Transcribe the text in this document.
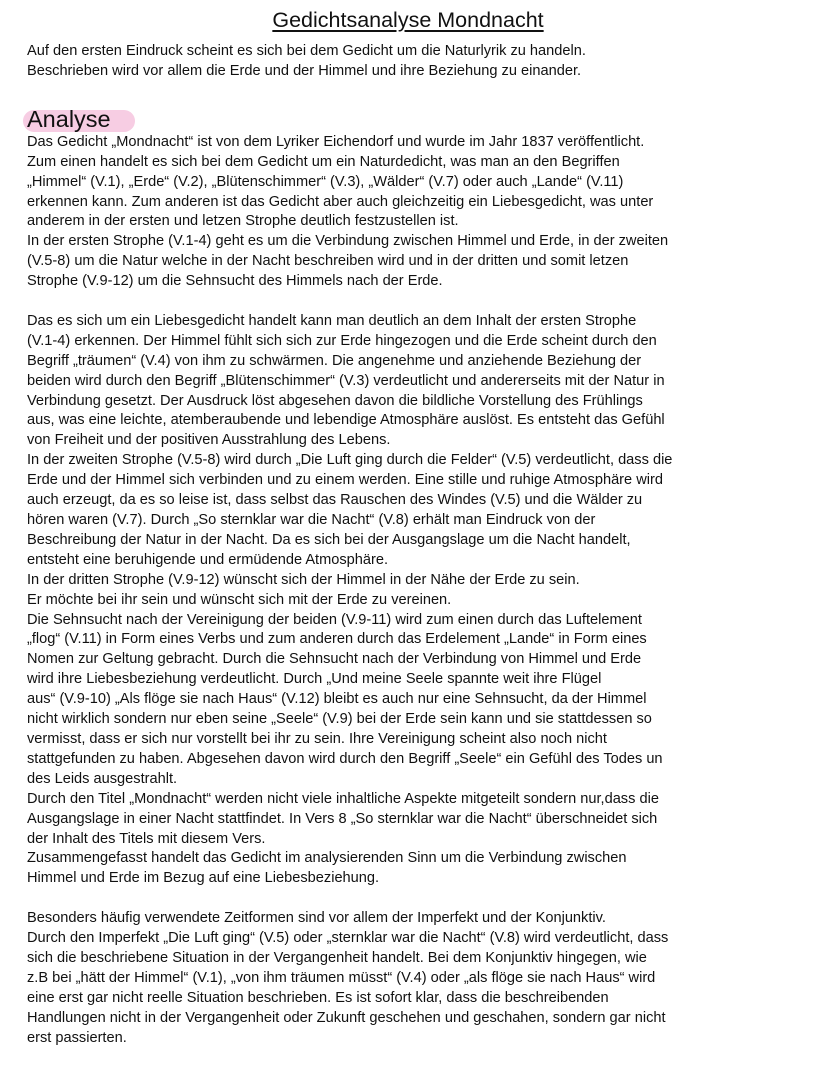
Gedichtsanalyse Mondnacht

Auf den ersten Eindruck scheint es sich bei dem Gedicht um die Naturlyrik zu handeln.
Beschrieben wird vor allem die Erde und der Himmel und ihre Beziehung zu einander.

Analyse

Das Gedicht „Mondnacht“ ist von dem Lyriker Eichendorf und wurde im Jahr 1837 veröffentlicht.
Zum einen handelt es sich bei dem Gedicht um ein Naturdedicht, was man an den Begriffen
„Himmel“ (V.1), „Erde“ (V.2), „Blütenschimmer“ (V.3), „Wälder“ (V.7) oder auch „Lande“ (V.11)
erkennen kann. Zum anderen ist das Gedicht aber auch gleichzeitig ein Liebesgedicht, was unter
anderem in der ersten und letzen Strophe deutlich festzustellen ist.
In der ersten Strophe (V.1-4) geht es um die Verbindung zwischen Himmel und Erde, in der zweiten
(V.5-8) um die Natur welche in der Nacht beschreiben wird und in der dritten und somit letzen
Strophe (V.9-12) um die Sehnsucht des Himmels nach der Erde.

Das es sich um ein Liebesgedicht handelt kann man deutlich an dem Inhalt der ersten Strophe
(V.1-4) erkennen. Der Himmel fühlt sich sich zur Erde hingezogen und die Erde scheint durch den
Begriff „träumen“ (V.4) von ihm zu schwärmen. Die angenehme und anziehende Beziehung der
beiden wird durch den Begriff „Blütenschimmer“ (V.3) verdeutlicht und andererseits mit der Natur in
Verbindung gesetzt. Der Ausdruck löst abgesehen davon die bildliche Vorstellung des Frühlings
aus, was eine leichte, atemberaubende und lebendige Atmosphäre auslöst. Es entsteht das Gefühl
von Freiheit und der positiven Ausstrahlung des Lebens.
In der zweiten Strophe (V.5-8) wird durch „Die Luft ging durch die Felder“ (V.5) verdeutlicht, dass die
Erde und der Himmel sich verbinden und zu einem werden. Eine stille und ruhige Atmosphäre wird
auch erzeugt, da es so leise ist, dass selbst das Rauschen des Windes (V.5) und die Wälder zu
hören waren (V.7). Durch „So sternklar war die Nacht“ (V.8) erhält man Eindruck von der
Beschreibung der Natur in der Nacht. Da es sich bei der Ausgangslage um die Nacht handelt,
entsteht eine beruhigende und ermüdende Atmosphäre.
In der dritten Strophe (V.9-12) wünscht sich der Himmel in der Nähe der Erde zu sein.
Er möchte bei ihr sein und wünscht sich mit der Erde zu vereinen.
Die Sehnsucht nach der Vereinigung der beiden (V.9-11) wird zum einen durch das Luftelement
„flog“ (V.11) in Form eines Verbs und zum anderen durch das Erdelement „Lande“ in Form eines
Nomen zur Geltung gebracht. Durch die Sehnsucht nach der Verbindung von Himmel und Erde
wird ihre Liebesbeziehung verdeutlicht. Durch „Und meine Seele spannte weit ihre Flügel
aus“ (V.9-10) „Als flöge sie nach Haus“ (V.12) bleibt es auch nur eine Sehnsucht, da der Himmel
nicht wirklich sondern nur eben seine „Seele“ (V.9) bei der Erde sein kann und sie stattdessen so
vermisst, dass er sich nur vorstellt bei ihr zu sein. Ihre Vereinigung scheint also noch nicht
stattgefunden zu haben. Abgesehen davon wird durch den Begriff „Seele“ ein Gefühl des Todes un
des Leids ausgestrahlt.
Durch den Titel „Mondnacht“ werden nicht viele inhaltliche Aspekte mitgeteilt sondern nur,dass die
Ausgangslage in einer Nacht stattfindet. In Vers 8 „So sternklar war die Nacht“ überschneidet sich
der Inhalt des Titels mit diesem Vers.
Zusammengefasst handelt das Gedicht im analysierenden Sinn um die Verbindung zwischen
Himmel und Erde im Bezug auf eine Liebesbeziehung.

Besonders häufig verwendete Zeitformen sind vor allem der Imperfekt und der Konjunktiv.
Durch den Imperfekt „Die Luft ging“ (V.5) oder „sternklar war die Nacht“ (V.8) wird verdeutlicht, dass
sich die beschriebene Situation in der Vergangenheit handelt. Bei dem Konjunktiv hingegen, wie
z.B bei „hätt der Himmel“ (V.1), „von ihm träumen müsst“ (V.4) oder „als flöge sie nach Haus“ wird
eine erst gar nicht reelle Situation beschrieben. Es ist sofort klar, dass die beschreibenden
Handlungen nicht in der Vergangenheit oder Zukunft geschehen und geschahen, sondern gar nicht
erst passierten.
